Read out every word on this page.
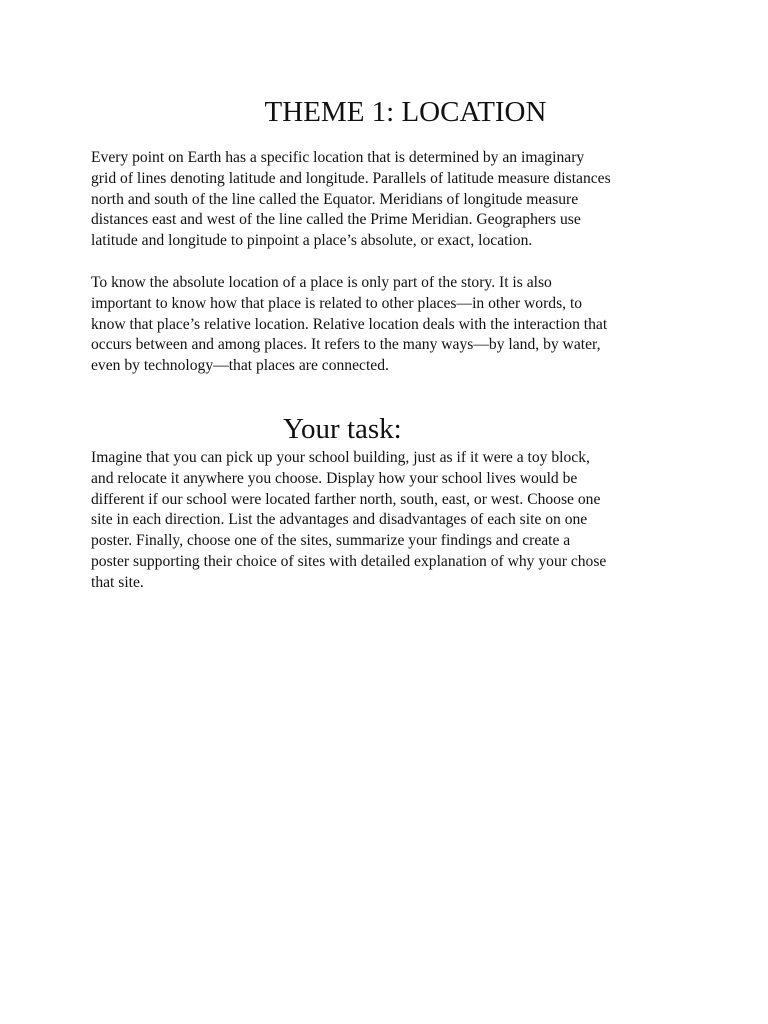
THEME 1: LOCATION

Every point on Earth has a specific location that is determined by an imaginary
grid of lines denoting latitude and longitude. Parallels of latitude measure distances
north and south of the line called the Equator. Meridians of longitude measure
distances east and west of the line called the Prime Meridian. Geographers use
latitude and longitude to pinpoint a place’s absolute, or exact, location.

To know the absolute location of a place is only part of the story. It is also
important to know how that place is related to other places—in other words, to
know that place’s relative location. Relative location deals with the interaction that
occurs between and among places. It refers to the many ways—by land, by water,
even by technology—that places are connected.

Your task:

Imagine that you can pick up your school building, just as if it were a toy block,
and relocate it anywhere you choose. Display how your school lives would be
different if our school were located farther north, south, east, or west. Choose one
site in each direction. List the advantages and disadvantages of each site on one
poster. Finally, choose one of the sites, summarize your findings and create a
poster supporting their choice of sites with detailed explanation of why your chose
that site.
